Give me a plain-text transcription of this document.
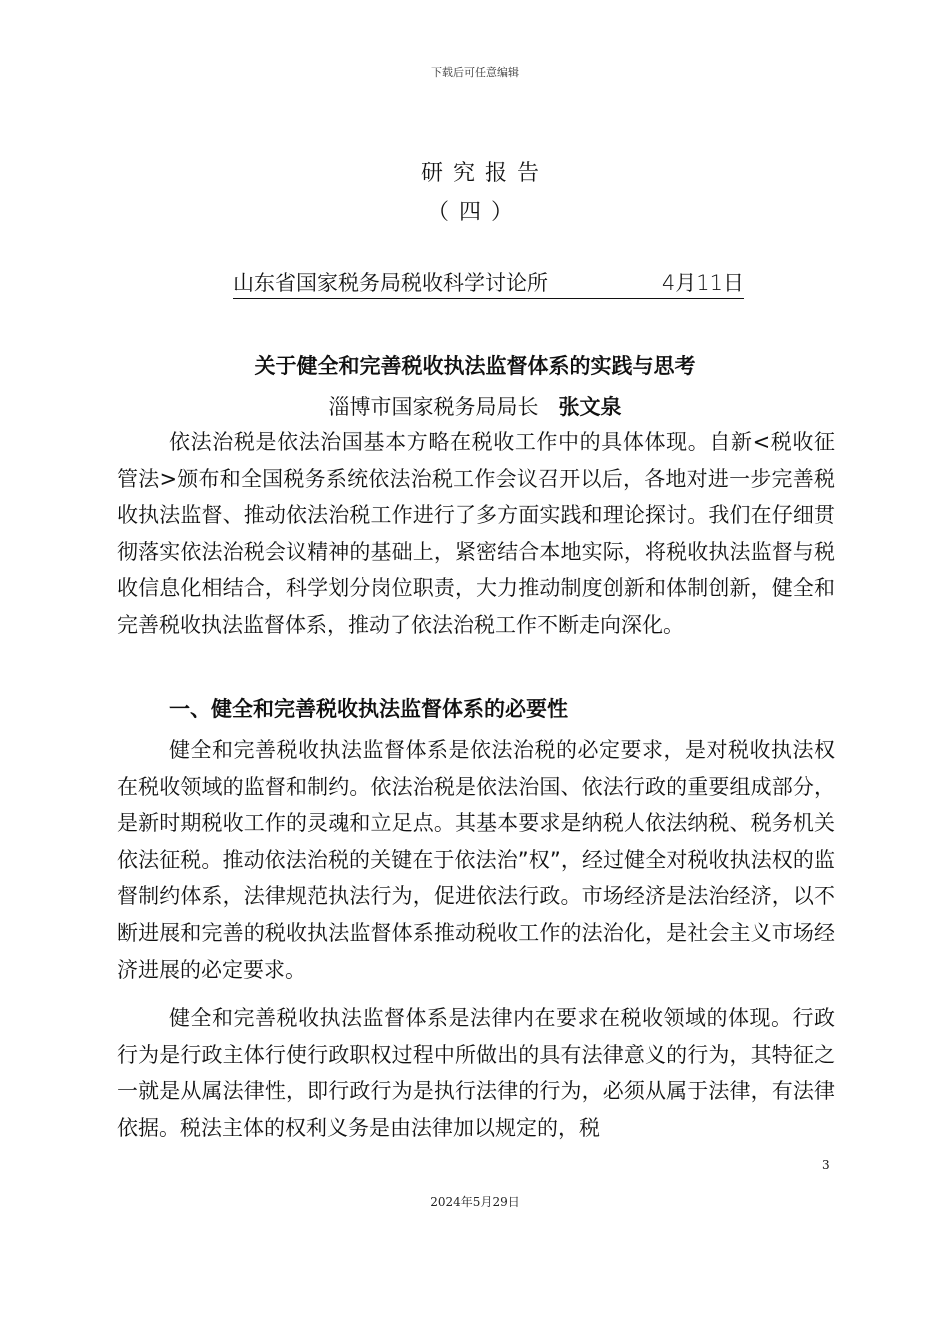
下载后可任意编辑
研究报告
（四）
山东省国家税务局税收科学讨论所	4月11日
关于健全和完善税收执法监督体系的实践与思考
淄博市国家税务局局长 张文泉

依法治税是依法治国基本方略在税收工作中的具体体现。自新<税收征管法>颁布和全国税务系统依法治税工作会议召开以后，各地对进一步完善税收执法监督、推动依法治税工作进行了多方面实践和理论探讨。我们在仔细贯彻落实依法治税会议精神的基础上，紧密结合本地实际，将税收执法监督与税收信息化相结合，科学划分岗位职责，大力推动制度创新和体制创新，健全和完善税收执法监督体系，推动了依法治税工作不断走向深化。

一、健全和完善税收执法监督体系的必要性

健全和完善税收执法监督体系是依法治税的必定要求，是对税收执法权在税收领域的监督和制约。依法治税是依法治国、依法行政的重要组成部分，是新时期税收工作的灵魂和立足点。其基本要求是纳税人依法纳税、税务机关依法征税。推动依法治税的关键在于依法治”权”，经过健全对税收执法权的监督制约体系，法律规范执法行为，促进依法行政。市场经济是法治经济，以不断进展和完善的税收执法监督体系推动税收工作的法治化，是社会主义市场经济进展的必定要求。

健全和完善税收执法监督体系是法律内在要求在税收领域的体现。行政行为是行政主体行使行政职权过程中所做出的具有法律意义的行为，其特征之一就是从属法律性，即行政行为是执行法律的行为，必须从属于法律，有法律依据。税法主体的权利义务是由法律加以规定的，税

3
2024年5月29日
